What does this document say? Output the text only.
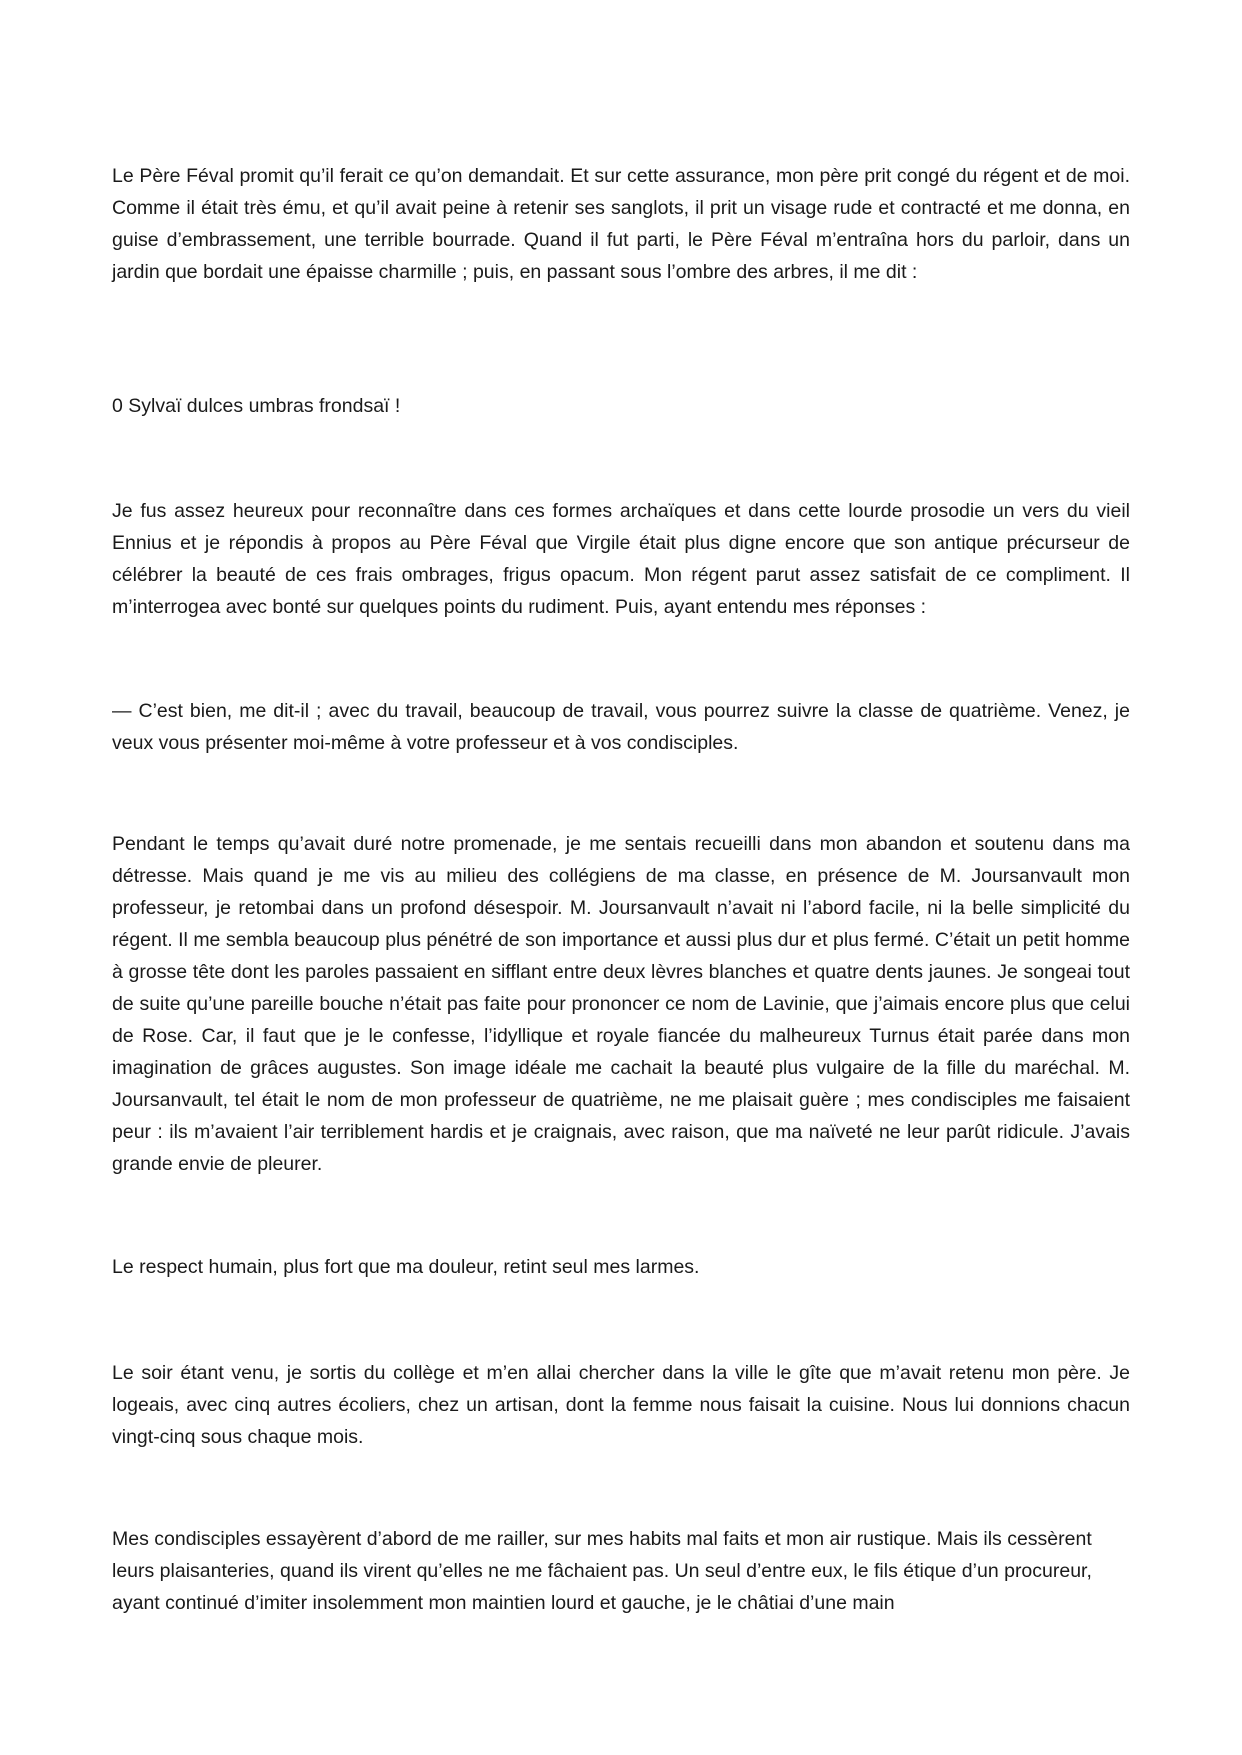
Le Père Féval promit qu’il ferait ce qu’on demandait. Et sur cette assurance, mon père prit congé du régent et de moi. Comme il était très ému, et qu’il avait peine à retenir ses sanglots, il prit un visage rude et contracté et me donna, en guise d’embrassement, une terrible bourrade. Quand il fut parti, le Père Féval m’entraîna hors du parloir, dans un jardin que bordait une épaisse charmille ; puis, en passant sous l’ombre des arbres, il me dit :

0 Sylvaï dulces umbras frondsaï !

Je fus assez heureux pour reconnaître dans ces formes archaïques et dans cette lourde prosodie un vers du vieil Ennius et je répondis à propos au Père Féval que Virgile était plus digne encore que son antique précurseur de célébrer la beauté de ces frais ombrages, frigus opacum. Mon régent parut assez satisfait de ce compliment. Il m’interrogea avec bonté sur quelques points du rudiment. Puis, ayant entendu mes réponses :

— C’est bien, me dit-il ; avec du travail, beaucoup de travail, vous pourrez suivre la classe de quatrième. Venez, je veux vous présenter moi-même à votre professeur et à vos condisciples.

Pendant le temps qu’avait duré notre promenade, je me sentais recueilli dans mon abandon et soutenu dans ma détresse. Mais quand je me vis au milieu des collégiens de ma classe, en présence de M. Joursanvault mon professeur, je retombai dans un profond désespoir. M. Joursanvault n’avait ni l’abord facile, ni la belle simplicité du régent. Il me sembla beaucoup plus pénétré de son importance et aussi plus dur et plus fermé. C’était un petit homme à grosse tête dont les paroles passaient en sifflant entre deux lèvres blanches et quatre dents jaunes. Je songeai tout de suite qu’une pareille bouche n’était pas faite pour prononcer ce nom de Lavinie, que j’aimais encore plus que celui de Rose. Car, il faut que je le confesse, l’idyllique et royale fiancée du malheureux Turnus était parée dans mon imagination de grâces augustes. Son image idéale me cachait la beauté plus vulgaire de la fille du maréchal. M. Joursanvault, tel était le nom de mon professeur de quatrième, ne me plaisait guère ; mes condisciples me faisaient peur : ils m’avaient l’air terriblement hardis et je craignais, avec raison, que ma naïveté ne leur parût ridicule. J’avais grande envie de pleurer.

Le respect humain, plus fort que ma douleur, retint seul mes larmes.

Le soir étant venu, je sortis du collège et m’en allai chercher dans la ville le gîte que m’avait retenu mon père. Je logeais, avec cinq autres écoliers, chez un artisan, dont la femme nous faisait la cuisine. Nous lui donnions chacun vingt-cinq sous chaque mois.

Mes condisciples essayèrent d’abord de me railler, sur mes habits mal faits et mon air rustique. Mais ils cessèrent leurs plaisanteries, quand ils virent qu’elles ne me fâchaient pas. Un seul d’entre eux, le fils étique d’un procureur, ayant continué d’imiter insolemment mon maintien lourd et gauche, je le châtiai d’une main
